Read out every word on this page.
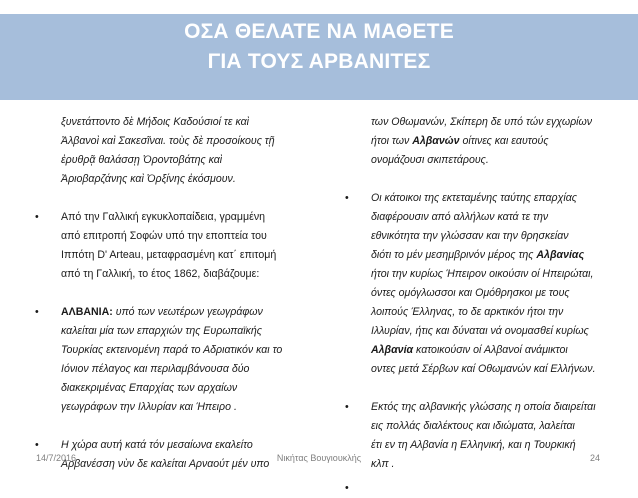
ΟΣΑ ΘΕΛΑΤΕ ΝΑ ΜΑΘΕΤΕ
ΓΙΑ ΤΟΥΣ ΑΡΒΑΝΙΤΕΣ
ξυνετάττοντο δὲ Μήδοις Καδούσιοί τε καὶ
Ἀλβανοὶ καὶ Σακεσῖναι. τοὺς δὲ προσοίκους τῇ
ἐρυθρᾷ θαλάσσῃ Ὀροντοβάτης καὶ
Ἀριοβαρζάνης καὶ Ὀρξίνης ἐκόσμουν.
• Από την Γαλλική εγκυκλοπαίδεια, γραμμένη
από επιτροπή Σοφών υπό την εποπτεία του
Ιππότη D' Arteau, μεταφρασμένη κατ΄ επιτομή
από τη Γαλλική, το έτος 1862, διαβάζουμε:
• ΑΛΒΑΝΙΑ: υπό των νεωτέρων γεωγράφων
καλείται μία των επαρχιών της Ευρωπαϊκής
Τουρκίας εκτεινομένη παρά το Αδριατικόν και το
Ιόνιον πέλαγος και περιλαμβάνουσα δύο
διακεκριμένας Επαρχίας των αρχαίων
γεωγράφων την Ιλλυρίαν και Ήπειρο .
• Η χώρα αυτή κατά τόν μεσαίωνα εκαλείτο
Αρβανέσση νὺν δε καλείται Αρναούτ μέν υπο
των Οθωμανών, Σκίπερη δε υπό τών εγχωρίων
ήτοι των Αλβανών οίτινες και εαυτούς
ονομάζουσι σκιπετάρους.
• Οι κάτοικοι της εκτεταμένης ταύτης επαρχίας
διαφέρουσιν από αλλήλων κατά τε την
εθνικότητα την γλώσσαν και την θρησκείαν
διότι το μέν μεσημβρινόν μέρος της Αλβανίας
ήτοι την κυρίως Ήπειρον οικούσιν οί Ηπειρώται,
όντες ομόγλωσσοι και Ομόθρησκοι με τους
λοιπούς Έλληνας, το δε αρκτικόν ήτοι την
Ιλλυρίαν, ήτις και δύναται νά ονομασθεί κυρίως
Αλβανία κατοικούσιν οί Αλβανοί ανάμικτοι
οντες μετά Σέρβων καί Οθωμανών καί Ελλήνων.
• Εκτός της αλβανικής γλώσσης η οποία διαιρείται
εις πολλάς διαλέκτους και ιδιώματα, λαλείται
έτι εν τη Αλβανία η Ελληνική, και η Τουρκική
κλπ .
•
Νικήτας Βουγιουκλής
14/7/2016	24
